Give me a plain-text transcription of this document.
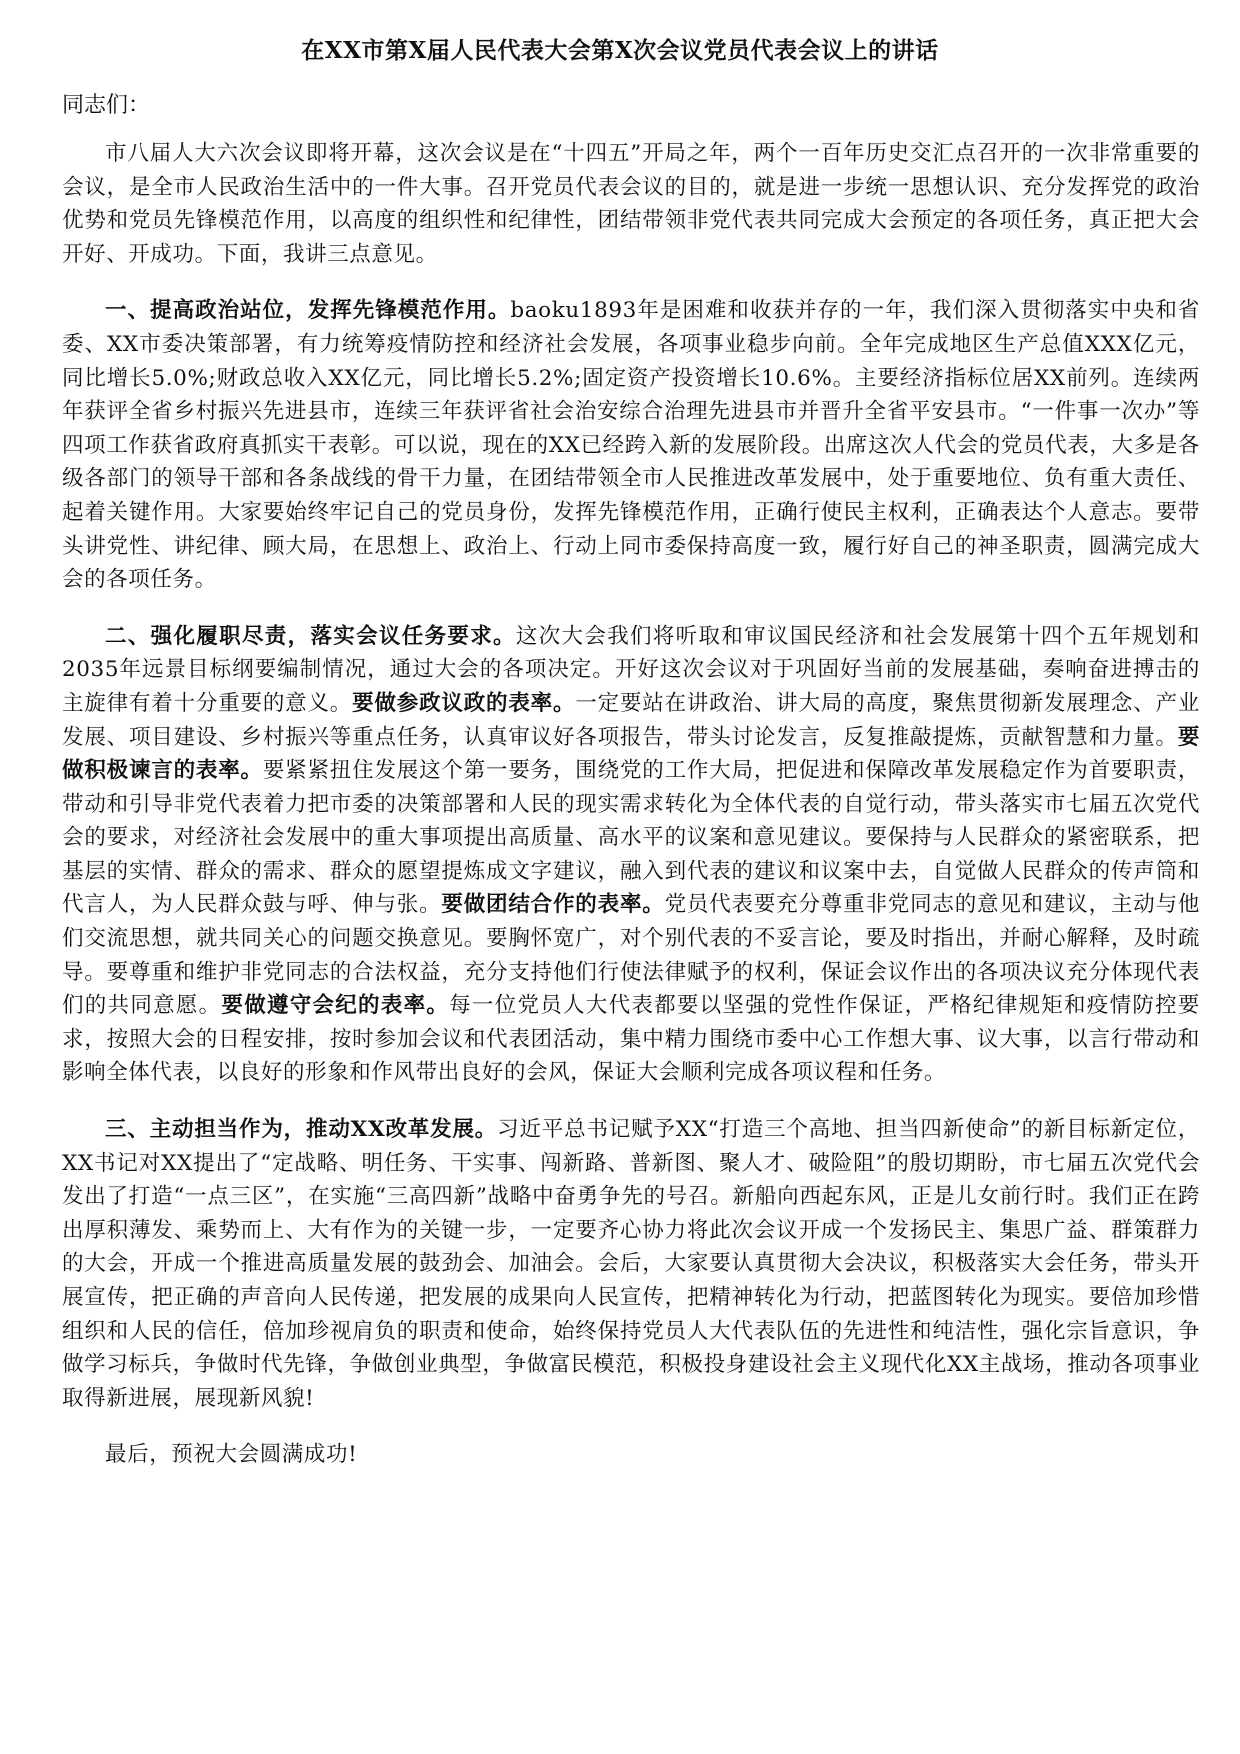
在XX市第X届人民代表大会第X次会议党员代表会议上的讲话
同志们：

市八届人大六次会议即将开幕，这次会议是在“十四五”开局之年，两个一百年历史交汇点召开的一次非常重要的会议，是全市人民政治生活中的一件大事。召开党员代表会议的目的，就是进一步统一思想认识、充分发挥党的政治优势和党员先锋模范作用，以高度的组织性和纪律性，团结带领非党代表共同完成大会预定的各项任务，真正把大会开好、开成功。下面，我讲三点意见。

一、提高政治站位，发挥先锋模范作用。baoku1893年是困难和收获并存的一年，我们深入贯彻落实中央和省委、XX市委决策部署，有力统筹疫情防控和经济社会发展，各项事业稳步向前。全年完成地区生产总值XXX亿元，同比增长5.0%;财政总收入XX亿元，同比增长5.2%;固定资产投资增长10.6%。主要经济指标位居XX前列。连续两年获评全省乡村振兴先进县市，连续三年获评省社会治安综合治理先进县市并晋升全省平安县市。“一件事一次办”等四项工作获省政府真抓实干表彰。可以说，现在的XX已经跨入新的发展阶段。出席这次人代会的党员代表，大多是各级各部门的领导干部和各条战线的骨干力量，在团结带领全市人民推进改革发展中，处于重要地位、负有重大责任、起着关键作用。大家要始终牢记自己的党员身份，发挥先锋模范作用，正确行使民主权利，正确表达个人意志。要带头讲党性、讲纪律、顾大局，在思想上、政治上、行动上同市委保持高度一致，履行好自己的神圣职责，圆满完成大会的各项任务。

二、强化履职尽责，落实会议任务要求。这次大会我们将听取和审议国民经济和社会发展第十四个五年规划和2035年远景目标纲要编制情况，通过大会的各项决定。开好这次会议对于巩固好当前的发展基础，奏响奋进搏击的主旋律有着十分重要的意义。要做参政议政的表率。一定要站在讲政治、讲大局的高度，聚焦贯彻新发展理念、产业发展、项目建设、乡村振兴等重点任务，认真审议好各项报告，带头讨论发言，反复推敲提炼，贡献智慧和力量。要做积极谏言的表率。要紧紧扭住发展这个第一要务，围绕党的工作大局，把促进和保障改革发展稳定作为首要职责，带动和引导非党代表着力把市委的决策部署和人民的现实需求转化为全体代表的自觉行动，带头落实市七届五次党代会的要求，对经济社会发展中的重大事项提出高质量、高水平的议案和意见建议。要保持与人民群众的紧密联系，把基层的实情、群众的需求、群众的愿望提炼成文字建议，融入到代表的建议和议案中去，自觉做人民群众的传声筒和代言人，为人民群众鼓与呼、伸与张。要做团结合作的表率。党员代表要充分尊重非党同志的意见和建议，主动与他们交流思想，就共同关心的问题交换意见。要胸怀宽广，对个别代表的不妥言论，要及时指出，并耐心解释，及时疏导。要尊重和维护非党同志的合法权益，充分支持他们行使法律赋予的权利，保证会议作出的各项决议充分体现代表们的共同意愿。要做遵守会纪的表率。每一位党员人大代表都要以坚强的党性作保证，严格纪律规矩和疫情防控要求，按照大会的日程安排，按时参加会议和代表团活动，集中精力围绕市委中心工作想大事、议大事，以言行带动和影响全体代表，以良好的形象和作风带出良好的会风，保证大会顺利完成各项议程和任务。

三、主动担当作为，推动XX改革发展。习近平总书记赋予XX“打造三个高地、担当四新使命”的新目标新定位，XX书记对XX提出了“定战略、明任务、干实事、闯新路、普新图、聚人才、破险阻”的殷切期盼，市七届五次党代会发出了打造“一点三区”，在实施“三高四新”战略中奋勇争先的号召。新船向西起东风，正是儿女前行时。我们正在跨出厚积薄发、乘势而上、大有作为的关键一步，一定要齐心协力将此次会议开成一个发扬民主、集思广益、群策群力的大会，开成一个推进高质量发展的鼓劲会、加油会。会后，大家要认真贯彻大会决议，积极落实大会任务，带头开展宣传，把正确的声音向人民传递，把发展的成果向人民宣传，把精神转化为行动，把蓝图转化为现实。要倍加珍惜组织和人民的信任，倍加珍视肩负的职责和使命，始终保持党员人大代表队伍的先进性和纯洁性，强化宗旨意识，争做学习标兵，争做时代先锋，争做创业典型，争做富民模范，积极投身建设社会主义现代化XX主战场，推动各项事业取得新进展，展现新风貌!

最后，预祝大会圆满成功!
